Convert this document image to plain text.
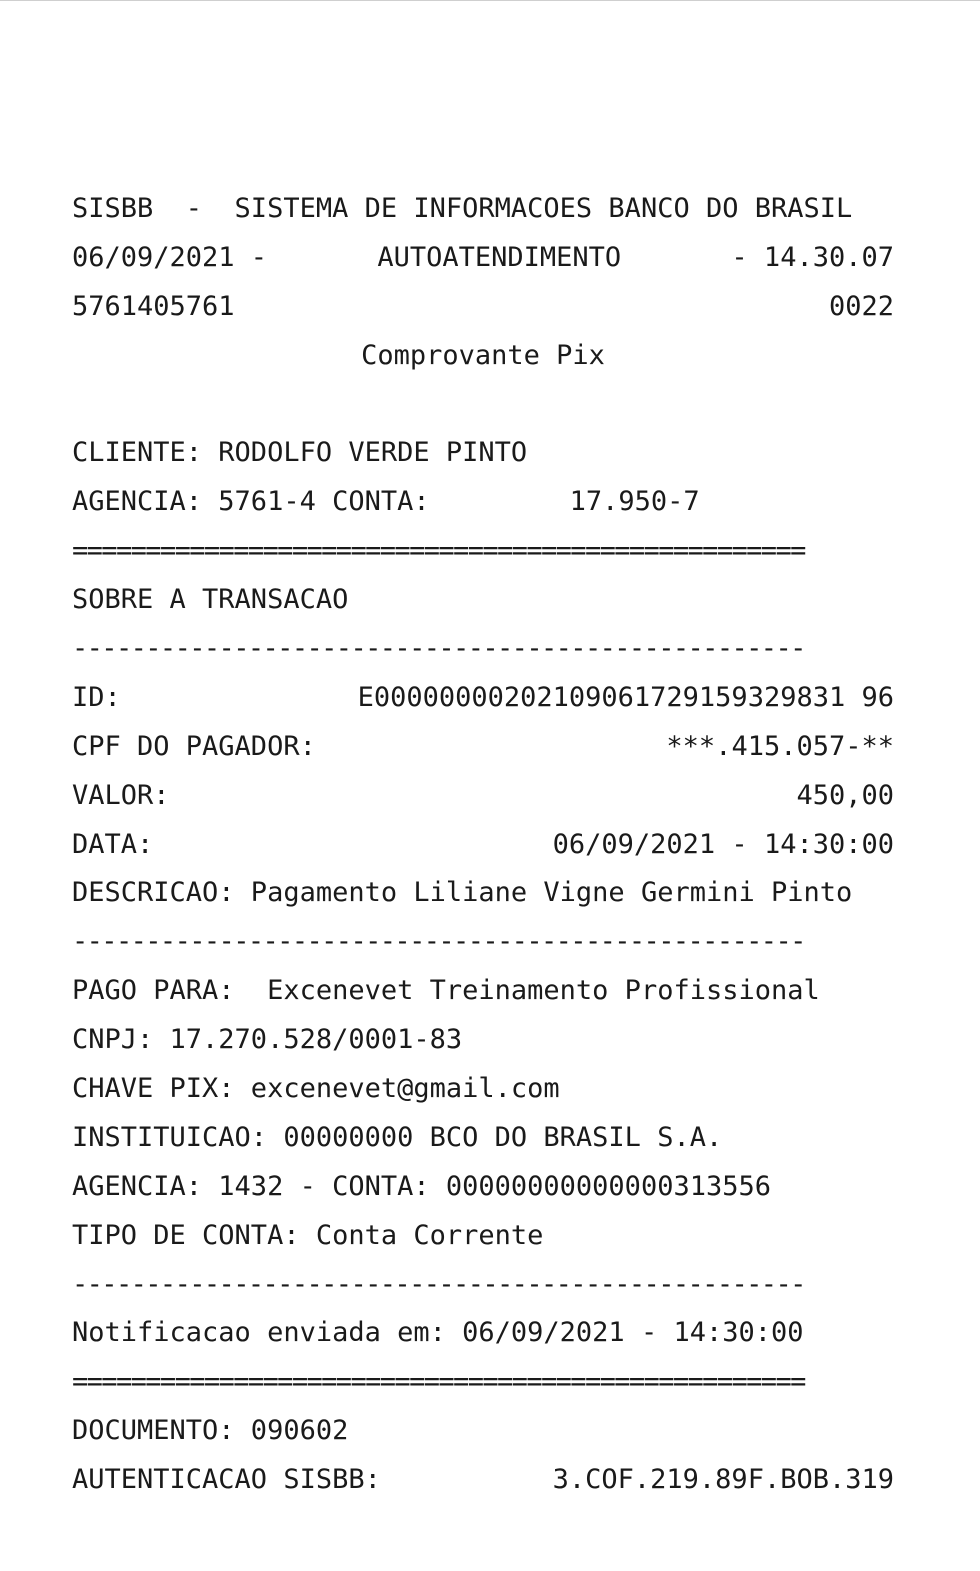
SISBB  -  SISTEMA DE INFORMACOES BANCO DO BRASIL
06/09/2021 -	AUTOATENDIMENTO	- 14.30.07
5761405761	0022
Comprovante Pix
CLIENTE: RODOLFO VERDE PINTO
AGENCIA: 5761-4 CONTA:	17.950-7
==================================================
SOBRE A TRANSACAO
--------------------------------------------------
ID:	E00000000202109061729159329831 96
CPF DO PAGADOR:	***.415.057-**
VALOR:	450,00
DATA:	06/09/2021 - 14:30:00
DESCRICAO: Pagamento Liliane Vigne Germini Pinto
--------------------------------------------------
PAGO PARA:  Excenevet Treinamento Profissional
CNPJ: 17.270.528/0001-83
CHAVE PIX: excenevet@gmail.com
INSTITUICAO: 00000000 BCO DO BRASIL S.A.
AGENCIA: 1432 - CONTA: 00000000000000313556
TIPO DE CONTA: Conta Corrente
--------------------------------------------------
Notificacao enviada em: 06/09/2021 - 14:30:00
==================================================
DOCUMENTO: 090602
AUTENTICACAO SISBB:	3.COF.219.89F.BOB.319
